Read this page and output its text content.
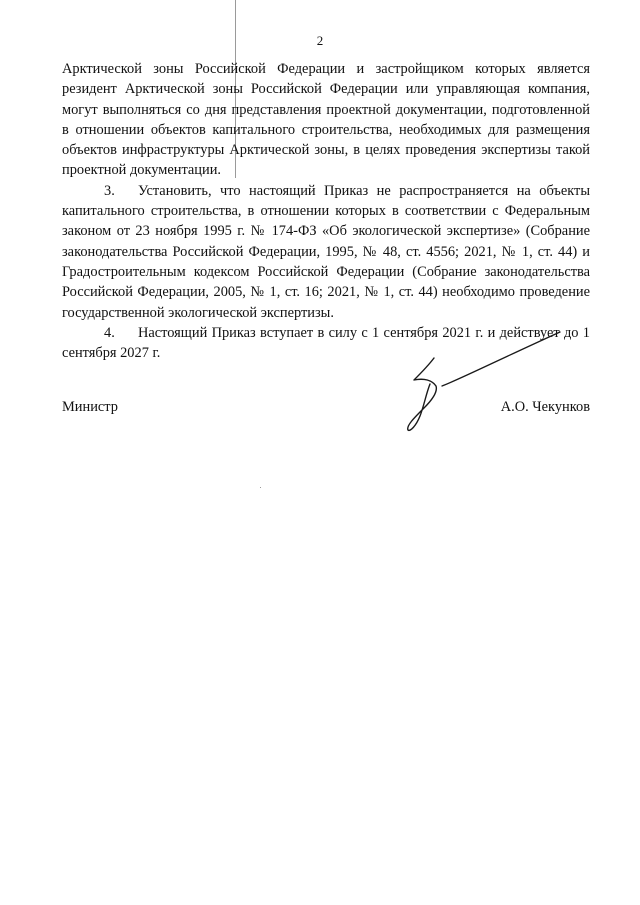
2

Арктической зоны Российской Федерации и застройщиком которых является резидент Арктической зоны Российской Федерации или управляющая компания, могут выполняться со дня представления проектной документации, подготовленной в отношении объектов капитального строительства, необходимых для размещения объектов инфраструктуры Арктической зоны, в целях проведения экспертизы такой проектной документации.

3. Установить, что настоящий Приказ не распространяется на объекты капитального строительства, в отношении которых в соответствии с Федеральным законом от 23 ноября 1995 г. № 174-ФЗ «Об экологической экспертизе» (Собрание законодательства Российской Федерации, 1995, № 48, ст. 4556; 2021, № 1, ст. 44) и Градостроительным кодексом Российской Федерации (Собрание законодательства Российской Федерации, 2005, № 1, ст. 16; 2021, № 1, ст. 44) необходимо проведение государственной экологической экспертизы.

4. Настоящий Приказ вступает в силу с 1 сентября 2021 г. и действует до 1 сентября 2027 г.

Министр	А.О. Чекунков
